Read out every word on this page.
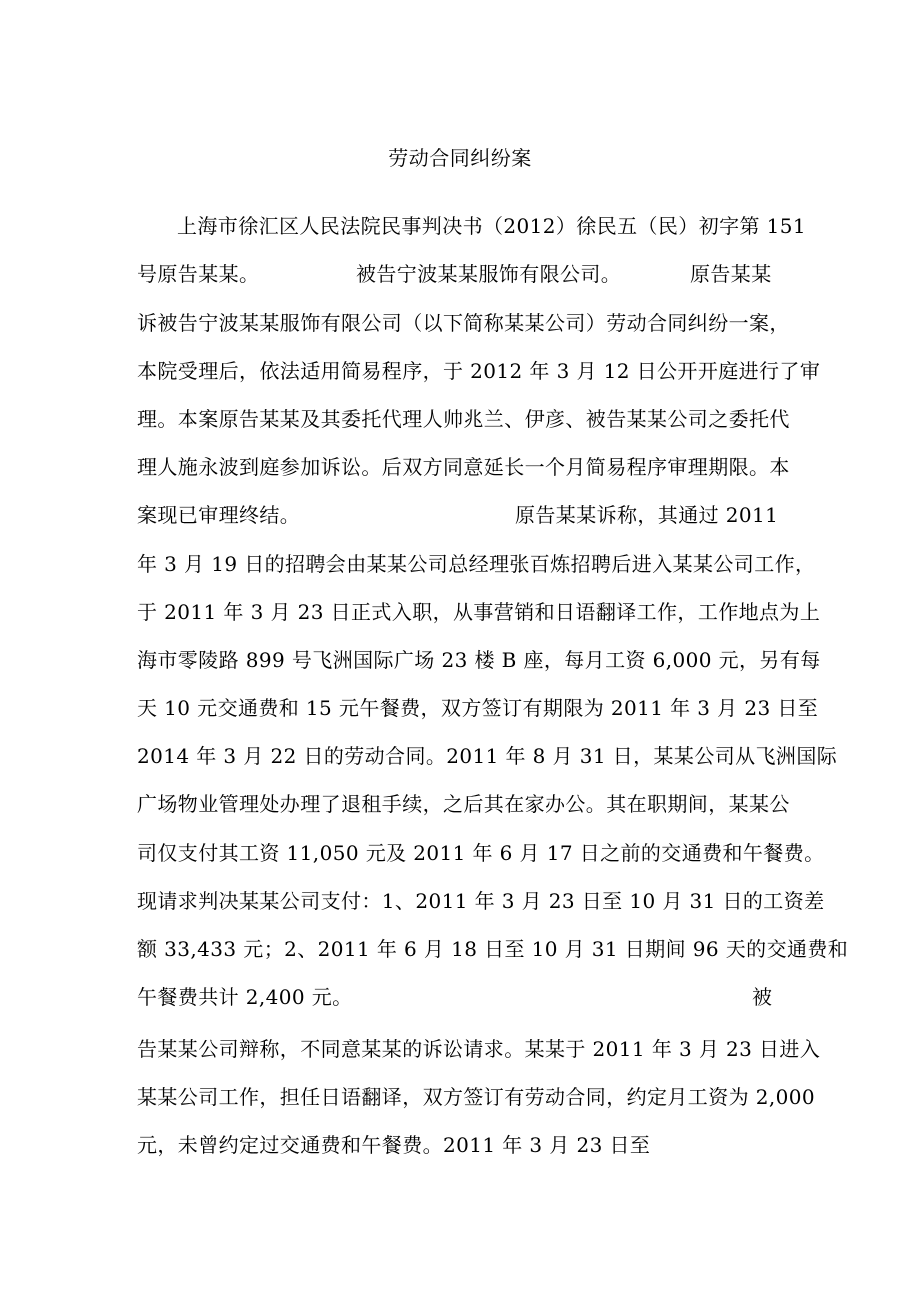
劳动合同纠纷案
上海市徐汇区人民法院民事判决书（2012）徐民五（民）初字第 151
号原告某某。	被告宁波某某服饰有限公司。	原告某某
诉被告宁波某某服饰有限公司（以下简称某某公司）劳动合同纠纷一案，
本院受理后，依法适用简易程序，于 2012 年 3 月 12 日公开开庭进行了审
理。本案原告某某及其委托代理人帅兆兰、伊彦、被告某某公司之委托代
理人施永波到庭参加诉讼。后双方同意延长一个月简易程序审理期限。本
案现已审理终结。	原告某某诉称，其通过 2011
年 3 月 19 日的招聘会由某某公司总经理张百炼招聘后进入某某公司工作，
于 2011 年 3 月 23 日正式入职，从事营销和日语翻译工作，工作地点为上
海市零陵路 899 号飞洲国际广场 23 楼 B 座，每月工资 6,000 元，另有每
天 10 元交通费和 15 元午餐费，双方签订有期限为 2011 年 3 月 23 日至
2014 年 3 月 22 日的劳动合同。2011 年 8 月 31 日，某某公司从飞洲国际
广场物业管理处办理了退租手续，之后其在家办公。其在职期间，某某公
司仅支付其工资 11,050 元及 2011 年 6 月 17 日之前的交通费和午餐费。
现请求判决某某公司支付：1、2011 年 3 月 23 日至 10 月 31 日的工资差
额 33,433 元；2、2011 年 6 月 18 日至 10 月 31 日期间 96 天的交通费和
午餐费共计 2,400 元。	被
告某某公司辩称，不同意某某的诉讼请求。某某于 2011 年 3 月 23 日进入
某某公司工作，担任日语翻译，双方签订有劳动合同，约定月工资为 2,000
元，未曾约定过交通费和午餐费。2011 年 3 月 23 日至
